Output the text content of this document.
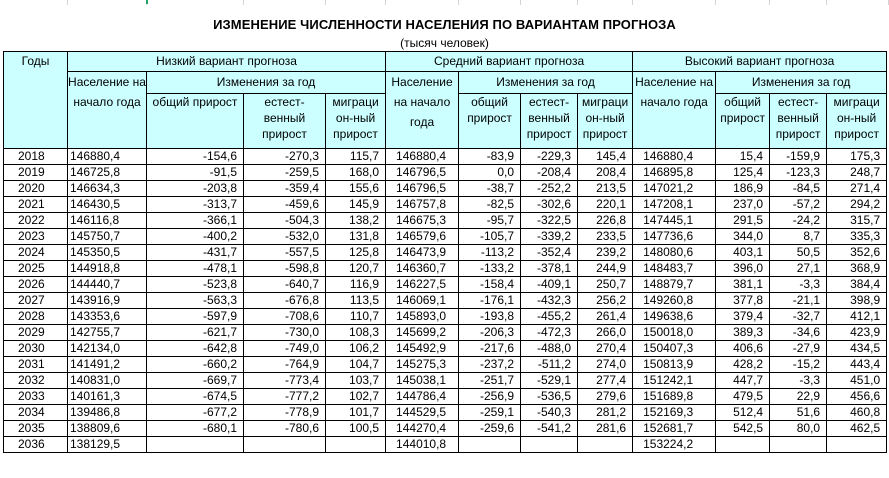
ИЗМЕНЕНИЕ ЧИСЛЕННОСТИ НАСЕЛЕНИЯ ПО ВАРИАНТАМ ПРОГНОЗА
(тысяч человек)
Годы	Низкий вариант прогноза				Средний вариант прогноза				Высокий вариант прогноза			
	Население на начало года	Изменения за год			Население на начало года	Изменения за год			Население на начало года	Изменения за год		
		общий прирост	естест-венный прирост	миграци он-ный прирост		общий прирост	естест-венный прирост	миграци он-ный прирост		общий прирост	естест-венный прирост	миграци он-ный прирост
2018	146880,4	-154,6	-270,3	115,7	146880,4	-83,9	-229,3	145,4	146880,4	15,4	-159,9	175,3
2019	146725,8	-91,5	-259,5	168,0	146796,5	0,0	-208,4	208,4	146895,8	125,4	-123,3	248,7
2020	146634,3	-203,8	-359,4	155,6	146796,5	-38,7	-252,2	213,5	147021,2	186,9	-84,5	271,4
2021	146430,5	-313,7	-459,6	145,9	146757,8	-82,5	-302,6	220,1	147208,1	237,0	-57,2	294,2
2022	146116,8	-366,1	-504,3	138,2	146675,3	-95,7	-322,5	226,8	147445,1	291,5	-24,2	315,7
2023	145750,7	-400,2	-532,0	131,8	146579,6	-105,7	-339,2	233,5	147736,6	344,0	8,7	335,3
2024	145350,5	-431,7	-557,5	125,8	146473,9	-113,2	-352,4	239,2	148080,6	403,1	50,5	352,6
2025	144918,8	-478,1	-598,8	120,7	146360,7	-133,2	-378,1	244,9	148483,7	396,0	27,1	368,9
2026	144440,7	-523,8	-640,7	116,9	146227,5	-158,4	-409,1	250,7	148879,7	381,1	-3,3	384,4
2027	143916,9	-563,3	-676,8	113,5	146069,1	-176,1	-432,3	256,2	149260,8	377,8	-21,1	398,9
2028	143353,6	-597,9	-708,6	110,7	145893,0	-193,8	-455,2	261,4	149638,6	379,4	-32,7	412,1
2029	142755,7	-621,7	-730,0	108,3	145699,2	-206,3	-472,3	266,0	150018,0	389,3	-34,6	423,9
2030	142134,0	-642,8	-749,0	106,2	145492,9	-217,6	-488,0	270,4	150407,3	406,6	-27,9	434,5
2031	141491,2	-660,2	-764,9	104,7	145275,3	-237,2	-511,2	274,0	150813,9	428,2	-15,2	443,4
2032	140831,0	-669,7	-773,4	103,7	145038,1	-251,7	-529,1	277,4	151242,1	447,7	-3,3	451,0
2033	140161,3	-674,5	-777,2	102,7	144786,4	-256,9	-536,5	279,6	151689,8	479,5	22,9	456,6
2034	139486,8	-677,2	-778,9	101,7	144529,5	-259,1	-540,3	281,2	152169,3	512,4	51,6	460,8
2035	138809,6	-680,1	-780,6	100,5	144270,4	-259,6	-541,2	281,6	152681,7	542,5	80,0	462,5
2036	138129,5				144010,8				153224,2			
